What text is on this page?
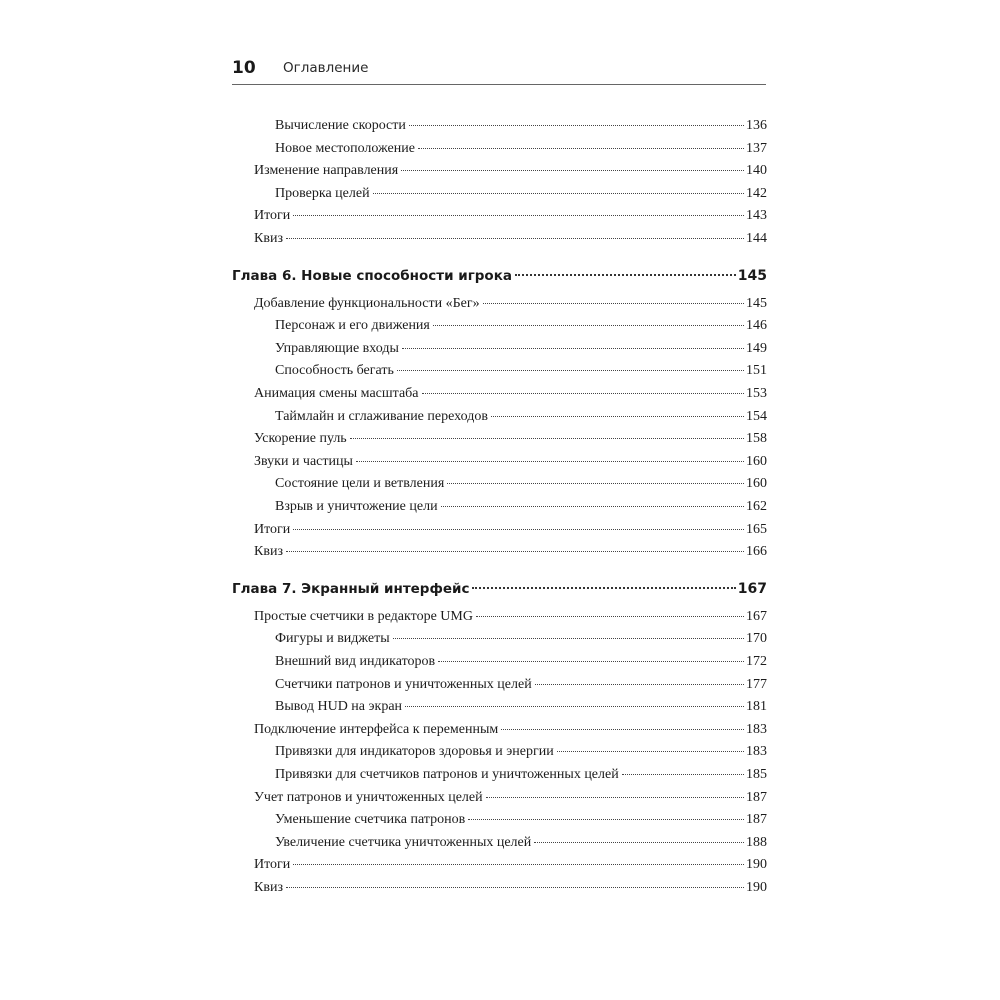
10 Оглавление
Вычисление скорости	136
Новое местоположение	137
Изменение направления	140
Проверка целей	142
Итоги	143
Квиз	144
Глава 6. Новые способности игрока	145
Добавление функциональности «Бег»	145
Персонаж и его движения	146
Управляющие входы	149
Способность бегать	151
Анимация смены масштаба	153
Таймлайн и сглаживание переходов	154
Ускорение пуль	158
Звуки и частицы	160
Состояние цели и ветвления	160
Взрыв и уничтожение цели	162
Итоги	165
Квиз	166
Глава 7. Экранный интерфейс	167
Простые счетчики в редакторе UMG	167
Фигуры и виджеты	170
Внешний вид индикаторов	172
Счетчики патронов и уничтоженных целей	177
Вывод HUD на экран	181
Подключение интерфейса к переменным	183
Привязки для индикаторов здоровья и энергии	183
Привязки для счетчиков патронов и уничтоженных целей	185
Учет патронов и уничтоженных целей	187
Уменьшение счетчика патронов	187
Увеличение счетчика уничтоженных целей	188
Итоги	190
Квиз	190
